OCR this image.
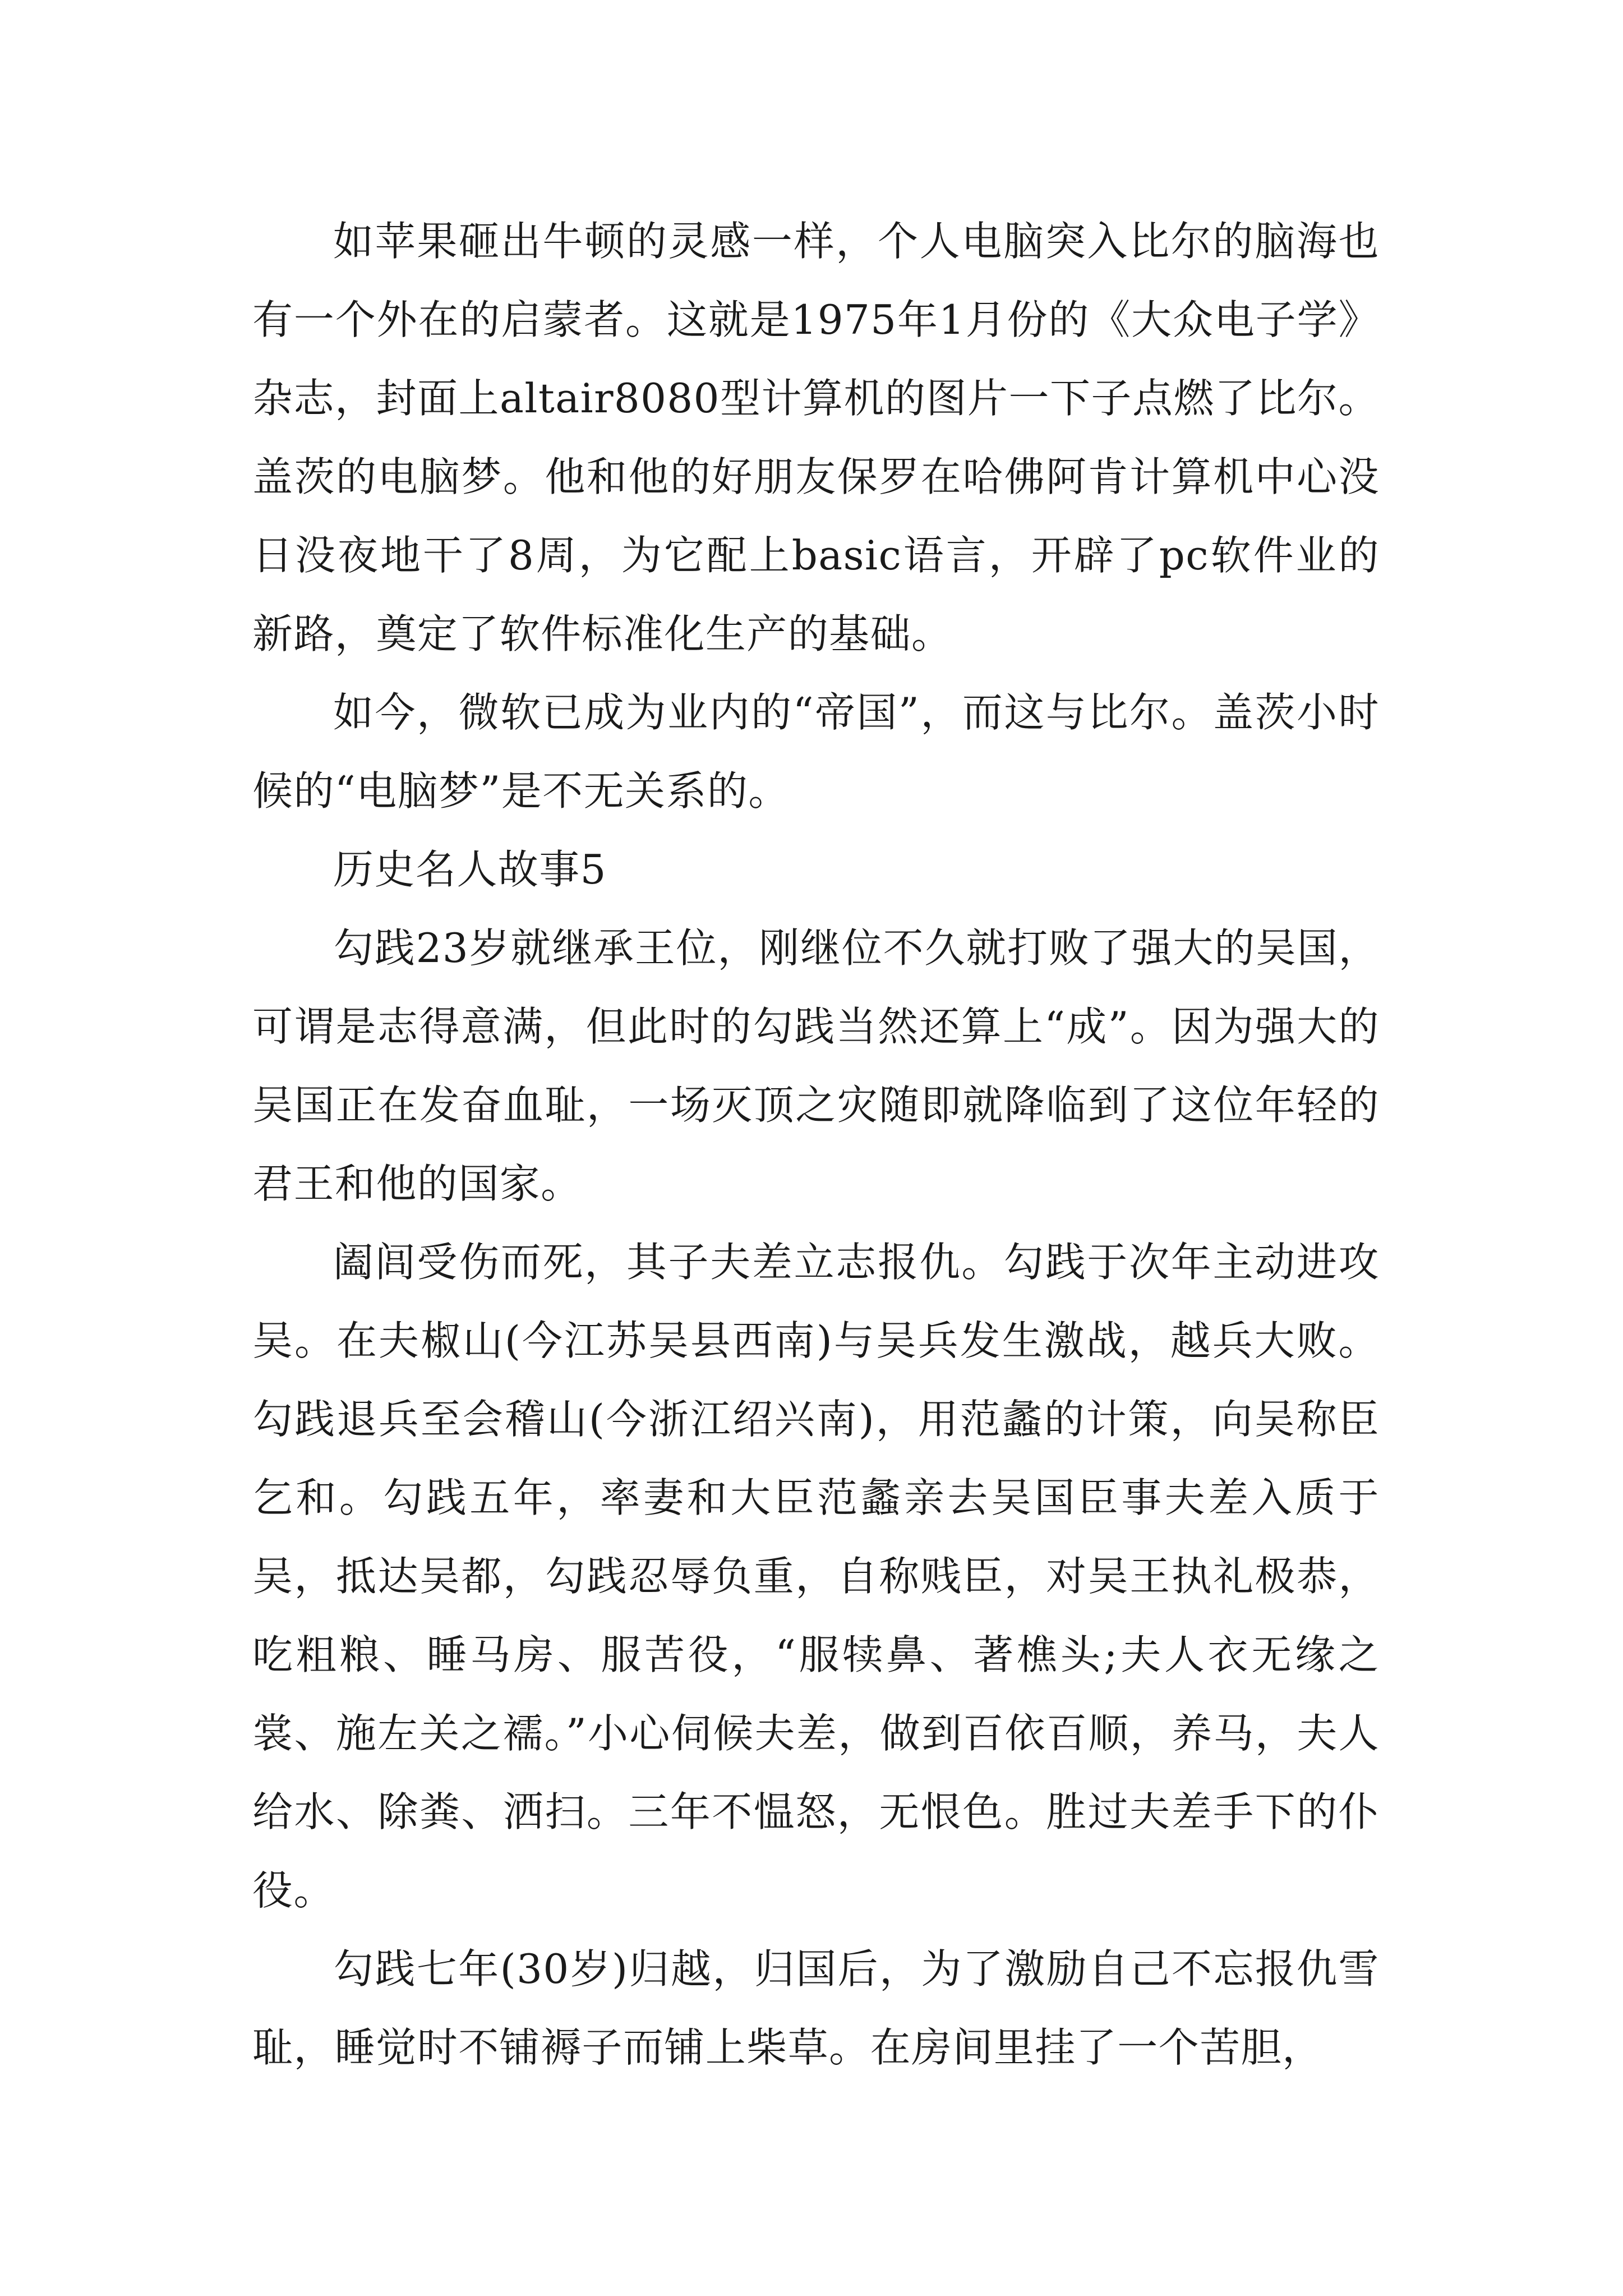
如苹果砸出牛顿的灵感一样，个人电脑突入比尔的脑海也有一个外在的启蒙者。这就是1975年1月份的《大众电子学》杂志，封面上altair8080型计算机的图片一下子点燃了比尔。盖茨的电脑梦。他和他的好朋友保罗在哈佛阿肯计算机中心没日没夜地干了8周，为它配上basic语言，开辟了pc软件业的新路，奠定了软件标准化生产的基础。

如今，微软已成为业内的“帝国”，而这与比尔。盖茨小时候的“电脑梦”是不无关系的。

历史名人故事5

勾践23岁就继承王位，刚继位不久就打败了强大的吴国，可谓是志得意满，但此时的勾践当然还算上“成”。因为强大的吴国正在发奋血耻，一场灭顶之灾随即就降临到了这位年轻的君王和他的国家。

阖闾受伤而死，其子夫差立志报仇。勾践于次年主动进攻吴。在夫椒山(今江苏吴县西南)与吴兵发生激战，越兵大败。勾践退兵至会稽山(今浙江绍兴南)，用范蠡的计策，向吴称臣乞和。勾践五年，率妻和大臣范蠡亲去吴国臣事夫差入质于吴，抵达吴都，勾践忍辱负重，自称贱臣，对吴王执礼极恭，吃粗粮、睡马房、服苦役，“服犊鼻、著樵头;夫人衣无缘之裳、施左关之襦。”小心伺候夫差，做到百依百顺，养马，夫人给水、除粪、洒扫。三年不愠怒，无恨色。胜过夫差手下的仆役。

勾践七年(30岁)归越，归国后，为了激励自己不忘报仇雪耻，睡觉时不铺褥子而铺上柴草。在房间里挂了一个苦胆，
